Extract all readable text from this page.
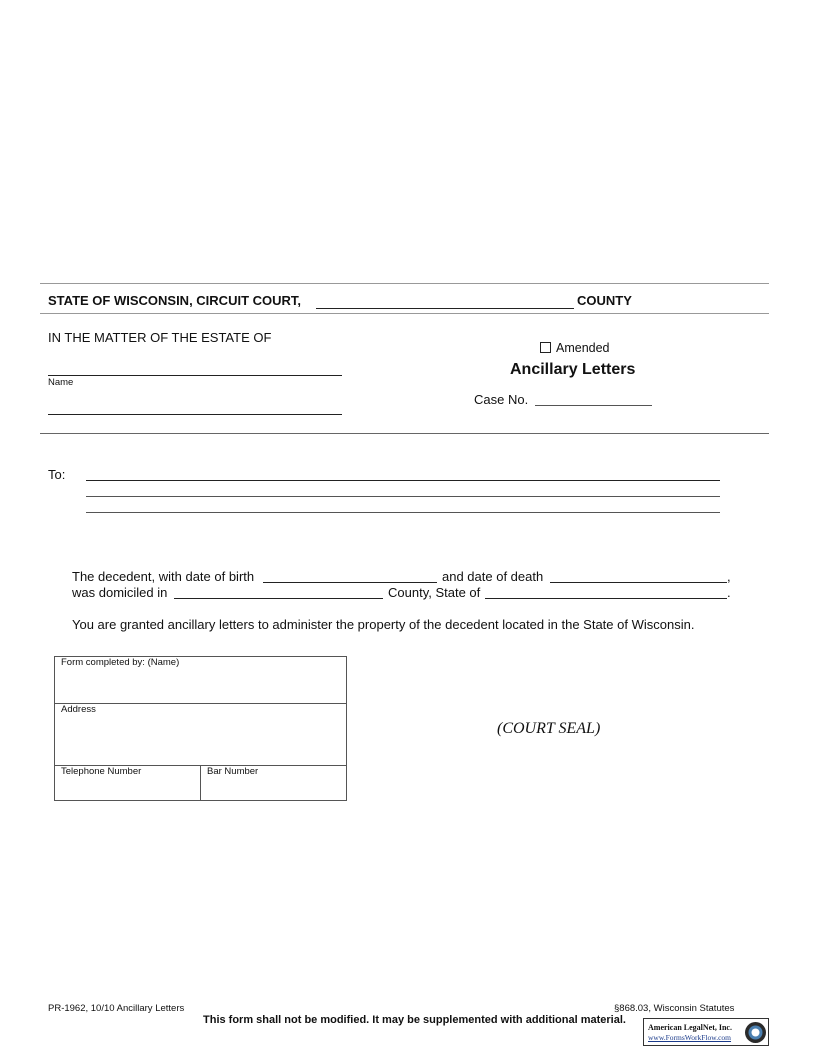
STATE OF WISCONSIN, CIRCUIT COURT,	COUNTY
IN THE MATTER OF THE ESTATE OF
Name
Amended
Ancillary Letters
Case No.
To:
The decedent, with date of birth	and date of death	,
was domiciled in	County, State of	.
You are granted ancillary letters to administer the property of the decedent located in the State of Wisconsin.
Form completed by: (Name)
Address
Telephone Number	Bar Number
(COURT SEAL)
PR-1962, 10/10 Ancillary Letters	§868.03, Wisconsin Statutes
This form shall not be modified. It may be supplemented with additional material.
American LegalNet, Inc.
www.FormsWorkFlow.com
